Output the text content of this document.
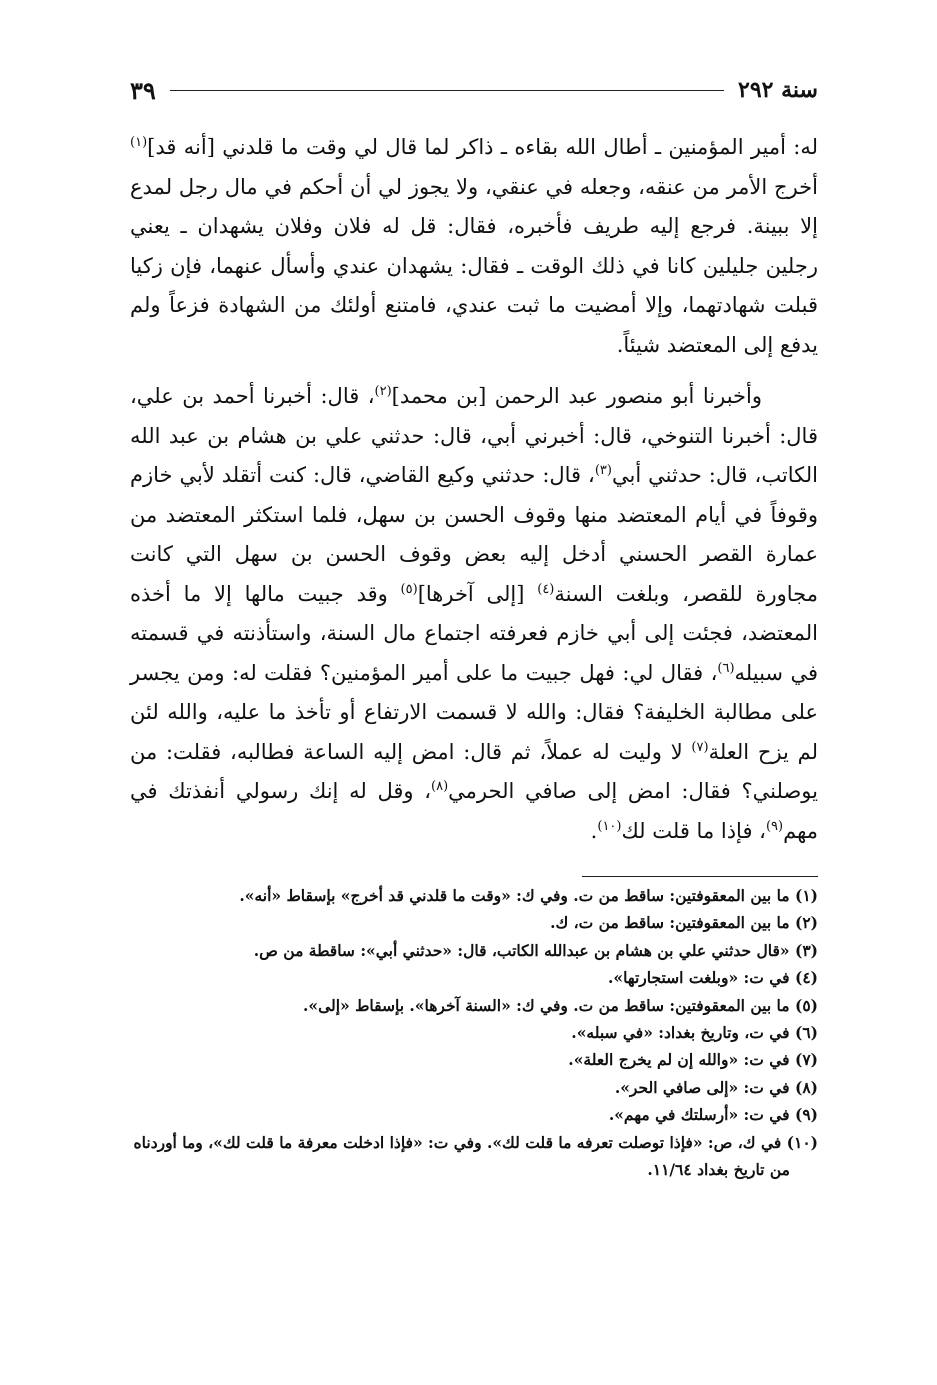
سنة ٢٩٢
٣٩

له: أمير المؤمنين ـ أطال الله بقاءه ـ ذاكر لما قال لي وقت ما قلدني [أنه قد]$^{(١)}$ أخرج الأمر من عنقه، وجعله في عنقي، ولا يجوز لي أن أحكم في مال رجل لمدع إلا ببينة. فرجع إليه طريف فأخبره، فقال: قل له فلان وفلان يشهدان ـ يعني رجلين جليلين كانا في ذلك الوقت ـ فقال: يشهدان عندي وأسأل عنهما، فإن زكيا قبلت شهادتهما، وإلا أمضيت ما ثبت عندي، فامتنع أولئك من الشهادة فزعاً ولم يدفع إلى المعتضد شيئاً.

وأخبرنا أبو منصور عبد الرحمن [بن محمد]$^{(٢)}$، قال: أخبرنا أحمد بن علي، قال: أخبرنا التنوخي، قال: أخبرني أبي، قال: حدثني علي بن هشام بن عبد الله الكاتب، قال: حدثني أبي$^{(٣)}$، قال: حدثني وكيع القاضي، قال: كنت أتقلد لأبي خازم وقوفاً في أيام المعتضد منها وقوف الحسن بن سهل، فلما استكثر المعتضد من عمارة القصر الحسني أدخل إليه بعض وقوف الحسن بن سهل التي كانت مجاورة للقصر، وبلغت السنة$^{(٤)}$ [إلى آخرها]$^{(٥)}$ وقد جبيت مالها إلا ما أخذه المعتضد، فجئت إلى أبي خازم فعرفته اجتماع مال السنة، واستأذنته في قسمته في سبيله$^{(٦)}$، فقال لي: فهل جبيت ما على أمير المؤمنين؟ فقلت له: ومن يجسر على مطالبة الخليفة؟ فقال: والله لا قسمت الارتفاع أو تأخذ ما عليه، والله لئن لم يزح العلة$^{(٧)}$ لا وليت له عملاً، ثم قال: امض إليه الساعة فطالبه، فقلت: من يوصلني؟ فقال: امض إلى صافي الحرمي$^{(٨)}$، وقل له إنك رسولي أنفذتك في مهم$^{(٩)}$، فإذا ما قلت لك$^{(١٠)}$.

(١) ما بين المعقوفتين: ساقط من ت. وفي ك: «وقت ما قلدني قد أخرج» بإسقاط «أنه».

(٢) ما بين المعقوفتين: ساقط من ت، ك.

(٣) «قال حدثني علي بن هشام بن عبدالله الكاتب، قال: «حدثني أبي»: ساقطة من ص.

(٤) في ت: «وبلغت استجارتها».

(٥) ما بين المعقوفتين: ساقط من ت. وفي ك: «السنة آخرها». بإسقاط «إلى».

(٦) في ت، وتاريخ بغداد: «في سبله».

(٧) في ت: «والله إن لم يخرج العلة».

(٨) في ت: «إلى صافي الحر».

(٩) في ت: «أرسلتك في مهم».

(١٠) في ك، ص: «فإذا توصلت تعرفه ما قلت لك». وفي ت: «فإذا ادخلت معرفة ما قلت لك»، وما أوردناه
من تاريخ بغداد ١١/٦٤.
